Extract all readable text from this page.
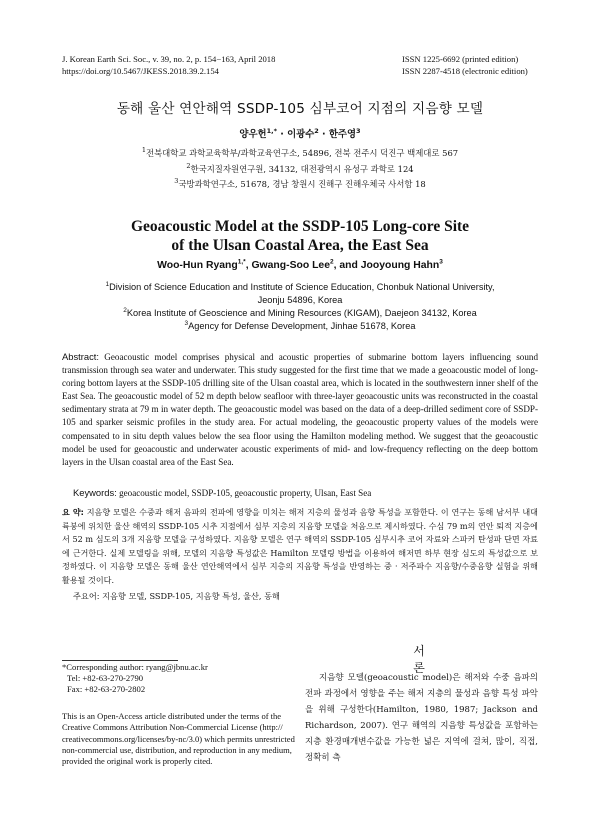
J. Korean Earth Sci. Soc., v. 39, no. 2, p. 154−163, April 2018
https://doi.org/10.5467/JKESS.2018.39.2.154
ISSN 1225-6692 (printed edition)
ISSN 2287-4518 (electronic edition)
동해 울산 연안해역 SSDP-105 심부코어 지점의 지음향 모델
양우헌$^{1,*}$ · 이광수$^2$ · 한주영$^3$
$^1$전북대학교 과학교육학부/과학교육연구소, 54896, 전북 전주시 덕진구 백제대로 567
$^2$한국지질자원연구원, 34132, 대전광역시 유성구 과학로 124
$^3$국방과학연구소, 51678, 경남 창원시 진해구 진해우체국 사서함 18
Geoacoustic Model at the SSDP-105 Long-core Site
of the Ulsan Coastal Area, the East Sea
Woo-Hun Ryang$^{1,*}$, Gwang-Soo Lee$^2$, and Jooyoung Hahn$^3$
$^1$Division of Science Education and Institute of Science Education, Chonbuk National University,
Jeonju 54896, Korea
$^2$Korea Institute of Geoscience and Mining Resources (KIGAM), Daejeon 34132, Korea
$^3$Agency for Defense Development, Jinhae 51678, Korea
Abstract: Geoacoustic model comprises physical and acoustic properties of submarine bottom layers influencing sound transmission through sea water and underwater. This study suggested for the first time that we made a geoacoustic model of long-coring bottom layers at the SSDP-105 drilling site of the Ulsan coastal area, which is located in the southwestern inner shelf of the East Sea. The geoacoustic model of 52 m depth below seafloor with three-layer geoacoustic units was reconstructed in the coastal sedimentary strata at 79 m in water depth. The geoacoustic model was based on the data of a deep-drilled sediment core of SSDP-105 and sparker seismic profiles in the study area. For actual modeling, the geoacoustic property values of the models were compensated to in situ depth values below the sea floor using the Hamilton modeling method. We suggest that the geoacoustic model be used for geoacoustic and underwater acoustic experiments of mid- and low-frequency reflecting on the deep bottom layers in the Ulsan coastal area of the East Sea.
Keywords: geoacoustic model, SSDP-105, geoacoustic property, Ulsan, East Sea
요 약: 지음향 모델은 수중과 해저 음파의 전파에 영향을 미치는 해저 지층의 물성과 음향 특성을 포함한다. 이 연구는 동해 남서부 내대륙붕에 위치한 울산 해역의 SSDP-105 시추 지점에서 심부 지층의 지음향 모델을 처음으로 제시하였다. 수심 79 m의 연안 퇴적 지층에서 52 m 심도의 3개 지음향 모델을 구성하였다. 지음향 모델은 연구 해역의 SSDP-105 심부시추 코어 자료와 스파커 탄성파 단면 자료에 근거한다. 실제 모델링을 위해, 모델의 지음향 특성값은 Hamilton 모델링 방법을 이용하여 해저면 하부 현장 심도의 특성값으로 보정하였다. 이 지음향 모델은 동해 울산 연안해역에서 심부 지층의 지음향 특성을 반영하는 중 · 저주파수 지음향/수중음향 실험을 위해 활용될 것이다.
주요어: 지음향 모델, SSDP-105, 지음향 특성, 울산, 동해
*Corresponding author: ryang@jbnu.ac.kr
Tel: +82-63-270-2790
Fax: +82-63-270-2802
This is an Open-Access article distributed under the terms of the Creative Commons Attribution Non-Commercial License (http:// creativecommons.org/licenses/by-nc/3.0) which permits unrestricted non-commercial use, distribution, and reproduction in any medium, provided the original work is properly cited.
서 론

지음향 모델(geoacoustic model)은 해저와 수중 음파의 전파 과정에서 영향을 주는 해저 지층의 물성과 음향 특성 파악을 위해 구성한다(Hamilton, 1980, 1987; Jackson and Richardson, 2007). 연구 해역의 지음향 특성값을 포함하는 지층 환경매개변수값을 가능한 넓은 지역에 걸쳐, 많이, 직접, 정확히 측
